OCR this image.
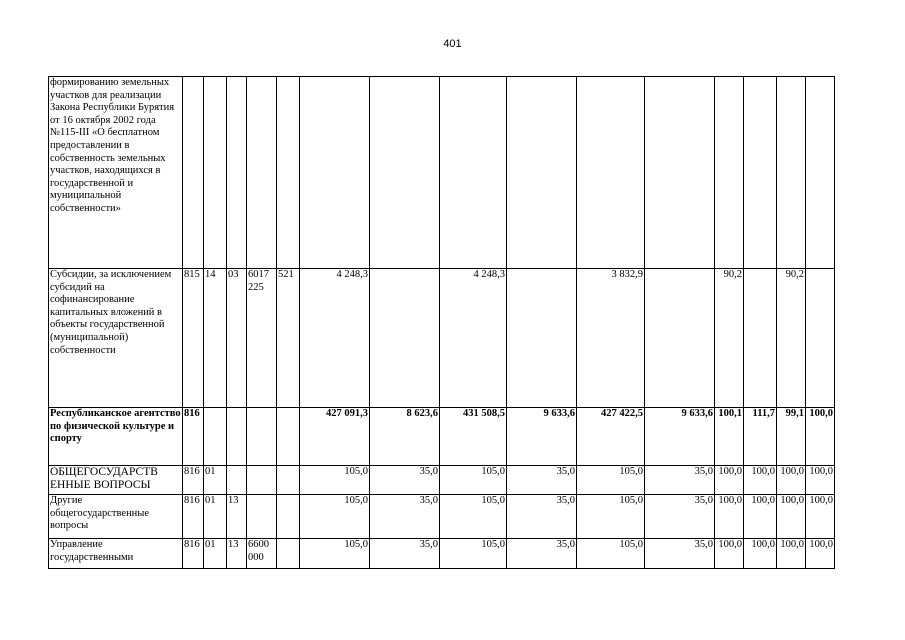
401
формированию земельных участков для реализации Закона Республики Бурятия от 16 октября 2002 года №115-III «О бесплатном предоставлении в собственность земельных участков, находящихся в государственной и муниципальной собственности»															
Субсидии, за исключением субсидий на софинансирование капитальных вложений в объекты государственной (муниципальной) собственности	815	14	03	6017 225	521	4 248,3		4 248,3		3 832,9		90,2		90,2	
Республиканское агентство по физической культуре и спорту	816					427 091,3	8 623,6	431 508,5	9 633,6	427 422,5	9 633,6	100,1	111,7	99,1	100,0
ОБЩЕГОСУДАРСТВ ЕННЫЕ ВОПРОСЫ	816	01				105,0	35,0	105,0	35,0	105,0	35,0	100,0	100,0	100,0	100,0
Другие общегосударственные вопросы	816	01	13			105,0	35,0	105,0	35,0	105,0	35,0	100,0	100,0	100,0	100,0
Управление государственными	816	01	13	6600 000		105,0	35,0	105,0	35,0	105,0	35,0	100,0	100,0	100,0	100,0
